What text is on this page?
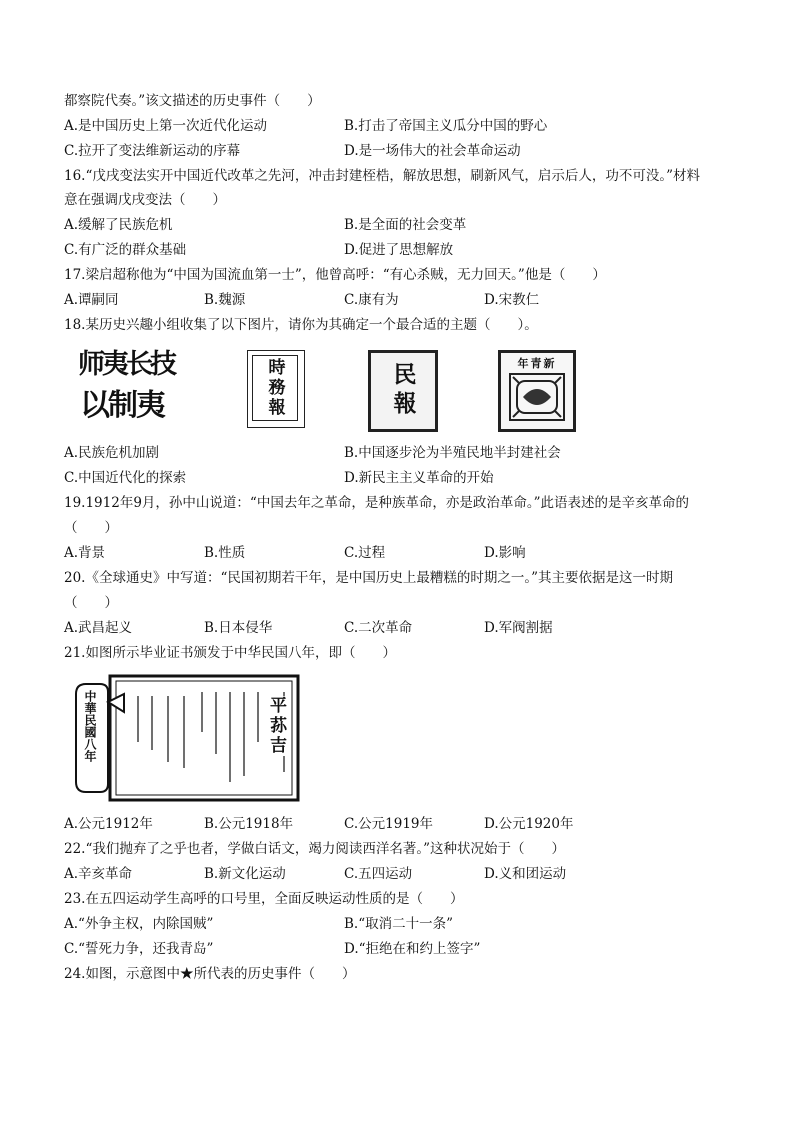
都察院代奏。”该文描述的历史事件（　　）
A.是中国历史上第一次近代化运动	B.打击了帝国主义瓜分中国的野心
C.拉开了变法维新运动的序幕	D.是一场伟大的社会革命运动
16.“戊戌变法实开中国近代改革之先河，冲击封建桎梏，解放思想，刷新风气，启示后人，功不可没。”材料
意在强调戊戌变法（　　）
A.缓解了民族危机	B.是全面的社会变革
C.有广泛的群众基础	D.促进了思想解放
17.梁启超称他为“中国为国流血第一士”，他曾高呼：“有心杀贼，无力回天。”他是（　　）
A.谭嗣同	B.魏源	C.康有为	D.宋教仁
18.某历史兴趣小组收集了以下图片，请你为其确定一个最合适的主题（　　）。
师夷长技
以制夷	時務報	民報	新青年
A.民族危机加剧	B.中国逐步沦为半殖民地半封建社会
C.中国近代化的探索	D.新民主主义革命的开始
19.1912年9月，孙中山说道：“中国去年之革命，是种族革命，亦是政治革命。”此语表述的是辛亥革命的
（　　）
A.背景	B.性质	C.过程	D.影响
20.《全球通史》中写道：“民国初期若干年，是中国历史上最糟糕的时期之一。”其主要依据是这一时期
（　　）
A.武昌起义	B.日本侵华	C.二次革命	D.军阀割据
21.如图所示毕业证书颁发于中华民国八年，即（　　）
中華民國八年	平荪吉
A.公元1912年	B.公元1918年	C.公元1919年	D.公元1920年
22.“我们抛弃了之乎也者，学做白话文，竭力阅读西洋名著。”这种状况始于（　　）
A.辛亥革命	B.新文化运动	C.五四运动	D.义和团运动
23.在五四运动学生高呼的口号里，全面反映运动性质的是（　　）
A.“外争主权，内除国贼”	B.“取消二十一条”
C.“誓死力争，还我青岛”	D.“拒绝在和约上签字”
24.如图，示意图中★所代表的历史事件（　　）
